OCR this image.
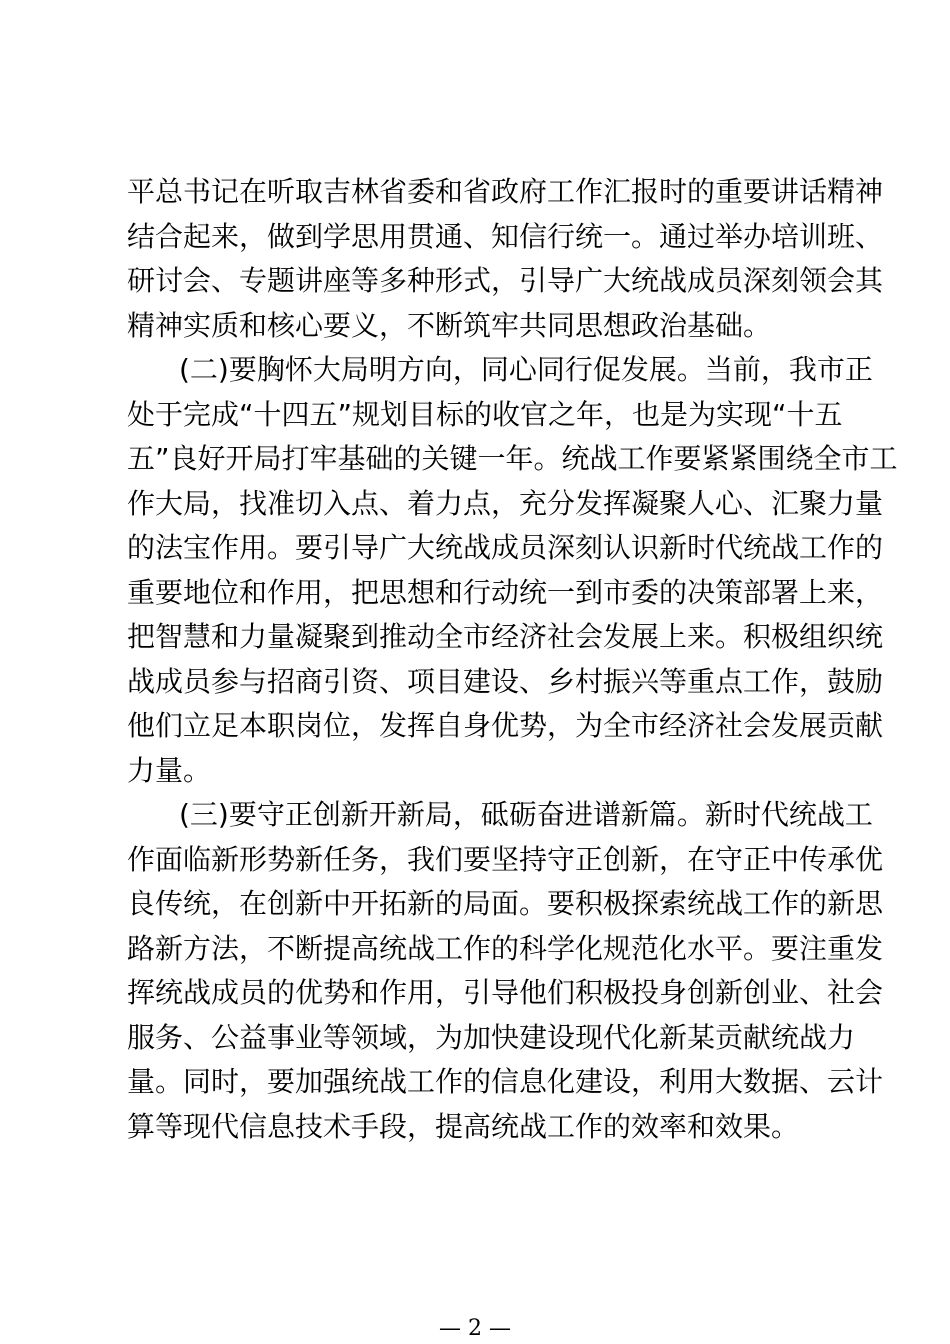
平总书记在听取吉林省委和省政府工作汇报时的重要讲话精神
结合起来，做到学思用贯通、知信行统一。通过举办培训班、
研讨会、专题讲座等多种形式，引导广大统战成员深刻领会其
精神实质和核心要义，不断筑牢共同思想政治基础。
(二)要胸怀大局明方向，同心同行促发展。当前，我市正
处于完成“十四五”规划目标的收官之年，也是为实现“十五
五”良好开局打牢基础的关键一年。统战工作要紧紧围绕全市工
作大局，找准切入点、着力点，充分发挥凝聚人心、汇聚力量
的法宝作用。要引导广大统战成员深刻认识新时代统战工作的
重要地位和作用，把思想和行动统一到市委的决策部署上来，
把智慧和力量凝聚到推动全市经济社会发展上来。积极组织统
战成员参与招商引资、项目建设、乡村振兴等重点工作，鼓励
他们立足本职岗位，发挥自身优势，为全市经济社会发展贡献
力量。
(三)要守正创新开新局，砥砺奋进谱新篇。新时代统战工
作面临新形势新任务，我们要坚持守正创新，在守正中传承优
良传统，在创新中开拓新的局面。要积极探索统战工作的新思
路新方法，不断提高统战工作的科学化规范化水平。要注重发
挥统战成员的优势和作用，引导他们积极投身创新创业、社会
服务、公益事业等领域，为加快建设现代化新某贡献统战力
量。同时，要加强统战工作的信息化建设，利用大数据、云计
算等现代信息技术手段，提高统战工作的效率和效果。
— 2 —
